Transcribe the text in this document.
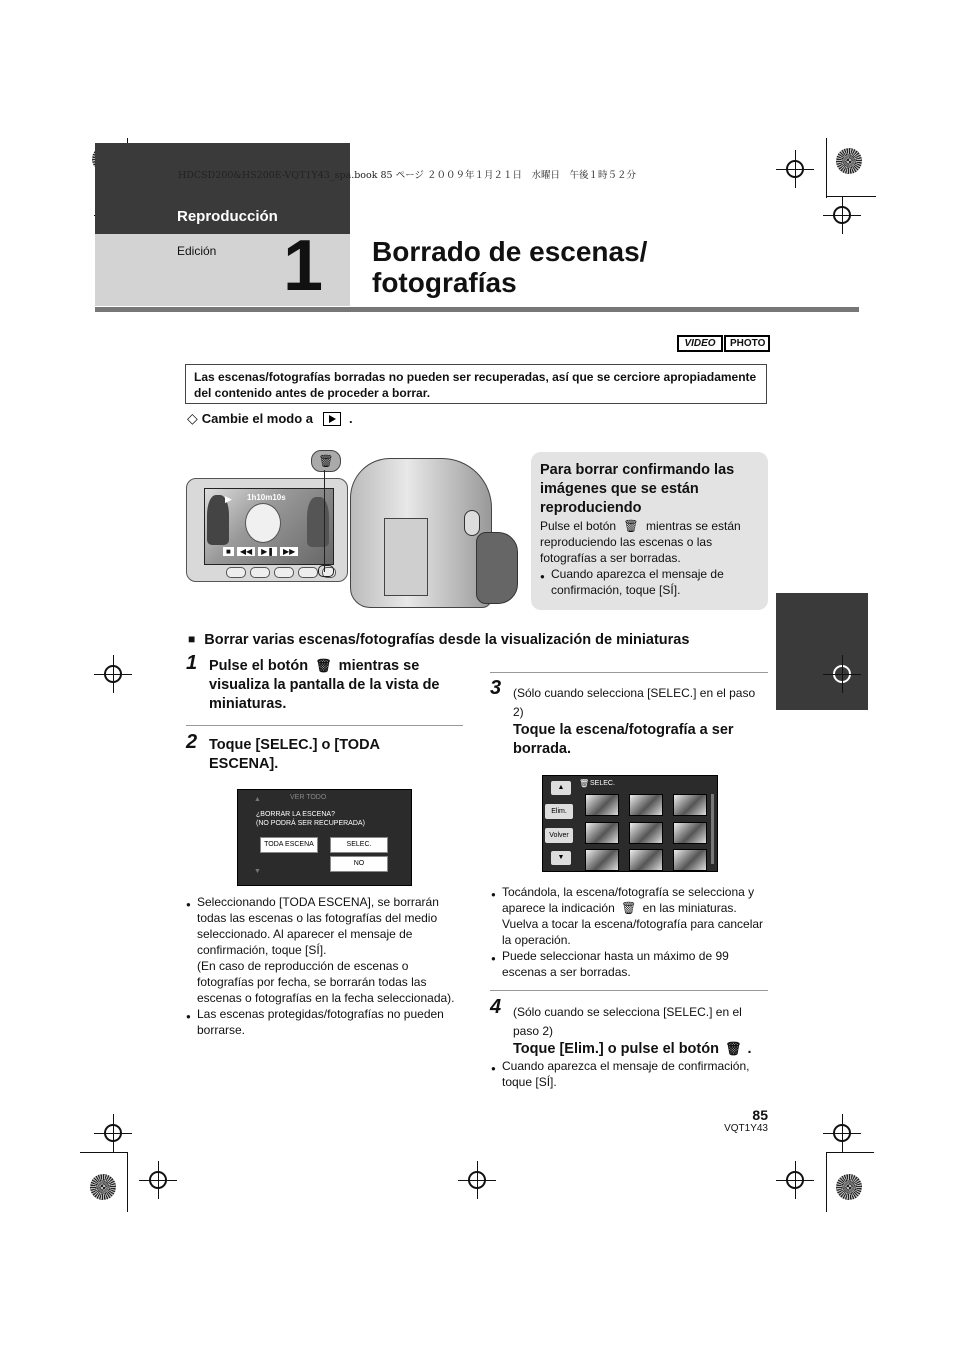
HDCSD200&HS200E-VQT1Y43_spa.book 85 ページ ２００９年１月２１日　水曜日　午後１時５２分
Reproducción
Edición 1 Borrado de escenas/
fotografías
VIDEO	PHOTO
Las escenas/fotografías borradas no pueden ser recuperadas, así que se cerciore apropiadamente del contenido antes de proceder a borrar.
◇ Cambie el modo a	.
▶ 1h10m10s
■	◀◀	▶❚	▶▶
🗑
Para borrar confirmando las imágenes que se están reproduciendo
Pulse el botón 🗑 mientras se están reproduciendo las escenas o las fotografías a ser borradas.
● Cuando aparezca el mensaje de confirmación, toque [SÍ].
■ Borrar varias escenas/fotografías desde la visualización de miniaturas
1 Pulse el botón 🗑 mientras se visualiza la pantalla de la vista de miniaturas.
2 Toque [SELEC.] o [TODA ESCENA].
VER TODO
▲
▼
¿BORRAR LA ESCENA?
(NO PODRÁ SER RECUPERADA)
TODA ESCENA	SELEC.
NO
● Seleccionando [TODA ESCENA], se borrarán todas las escenas o las fotografías del medio seleccionado. Al aparecer el mensaje de confirmación, toque [SÍ].
(En caso de reproducción de escenas o fotografías por fecha, se borrarán todas las escenas o fotografías en la fecha seleccionada).
● Las escenas protegidas/fotografías no pueden borrarse.
3 (Sólo cuando selecciona [SELEC.] en el paso 2)
Toque la escena/fotografía a ser borrada.
🗑 SELEC.
▲
Elim.
Volver
▼
● Tocándola, la escena/fotografía se selecciona y aparece la indicación 🗑 en las miniaturas. Vuelva a tocar la escena/fotografía para cancelar la operación.
● Puede seleccionar hasta un máximo de 99 escenas a ser borradas.
4 (Sólo cuando se selecciona [SELEC.] en el paso 2)
Toque [Elim.] o pulse el botón 🗑 .
● Cuando aparezca el mensaje de confirmación, toque [SÍ].
85
VQT1Y43
